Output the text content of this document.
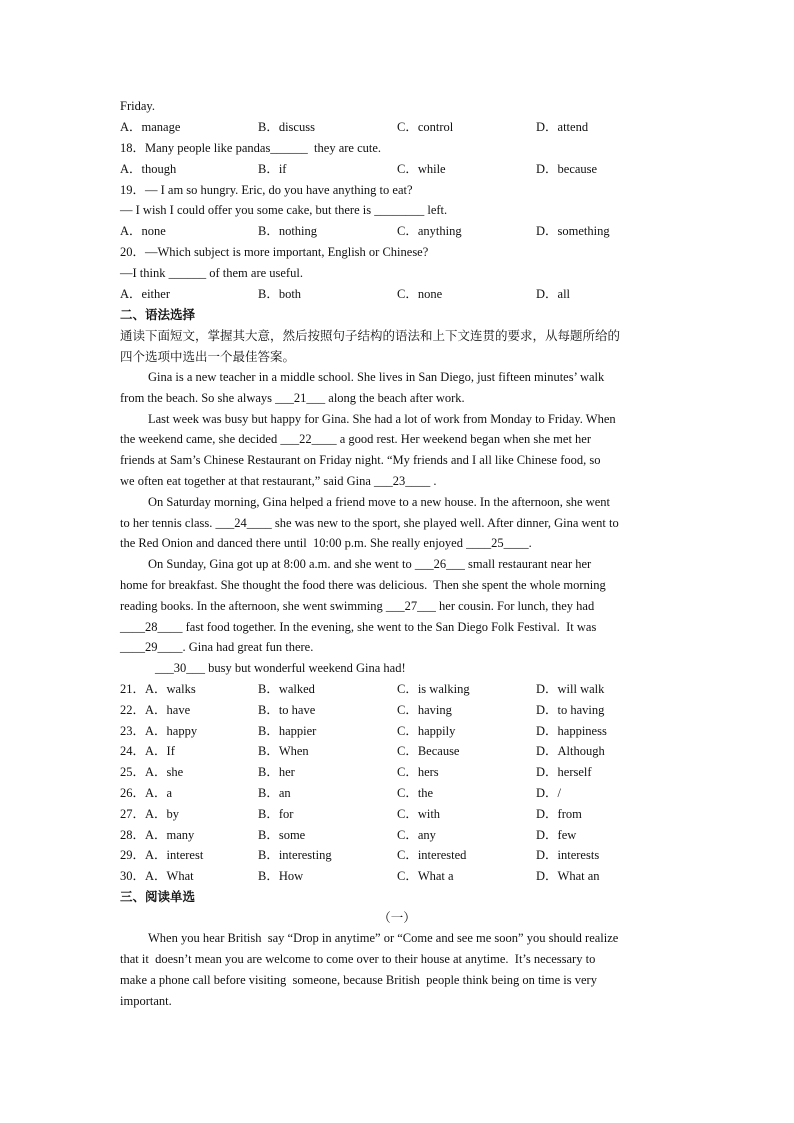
Friday.
A．manage	B．discuss	C．control	D．attend
18．Many people like pandas______  they are cute.
A．though	B．if	C．while	D．because
19．— I am so hungry. Eric, do you have anything to eat?
— I wish I could offer you some cake, but there is ________ left.
A．none	B．nothing	C．anything	D．something
20．—Which subject is more important, English or Chinese?
—I think ______ of them are useful.
A．either	B．both	C．none	D．all
二、语法选择
通读下面短文，掌握其大意，然后按照句子结构的语法和上下文连贯的要求，从每题所给的
四个选项中选出一个最佳答案。
Gina is a new teacher in a middle school. She lives in San Diego, just fifteen minutes’ walk
from the beach. So she always ___21___ along the beach after work.
Last week was busy but happy for Gina. She had a lot of work from Monday to Friday. When
the weekend came, she decided ___22____ a good rest. Her weekend began when she met her
friends at Sam’s Chinese Restaurant on Friday night. “My friends and I all like Chinese food, so
we often eat together at that restaurant,” said Gina ___23____ .
On Saturday morning, Gina helped a friend move to a new house. In the afternoon, she went
to her tennis class. ___24____ she was new to the sport, she played well. After dinner, Gina went to
the Red Onion and danced there until  10:00 p.m. She really enjoyed ____25____.
On Sunday, Gina got up at 8:00 a.m. and she went to ___26___ small restaurant near her
home for breakfast. She thought the food there was delicious.  Then she spent the whole morning
reading books. In the afternoon, she went swimming ___27___ her cousin. For lunch, they had
____28____ fast food together. In the evening, she went to the San Diego Folk Festival.  It was
____29____. Gina had great fun there.
___30___ busy but wonderful weekend Gina had!
21．A．walks	B．walked	C．is walking	D．will walk
22．A．have	B．to have	C．having	D．to having
23．A．happy	B．happier	C．happily	D．happiness
24．A．If	B．When	C．Because	D．Although
25．A．she	B．her	C．hers	D．herself
26．A．a	B．an	C．the	D．/
27．A．by	B．for	C．with	D．from
28．A．many	B．some	C．any	D．few
29．A．interest	B．interesting	C．interested	D．interests
30．A．What	B．How	C．What a	D．What an
三、阅读单选
（一）
When you hear British  say “Drop in anytime” or “Come and see me soon” you should realize
that it  doesn’t mean you are welcome to come over to their house at anytime.  It’s necessary to
make a phone call before visiting  someone, because British  people think being on time is very
important.
